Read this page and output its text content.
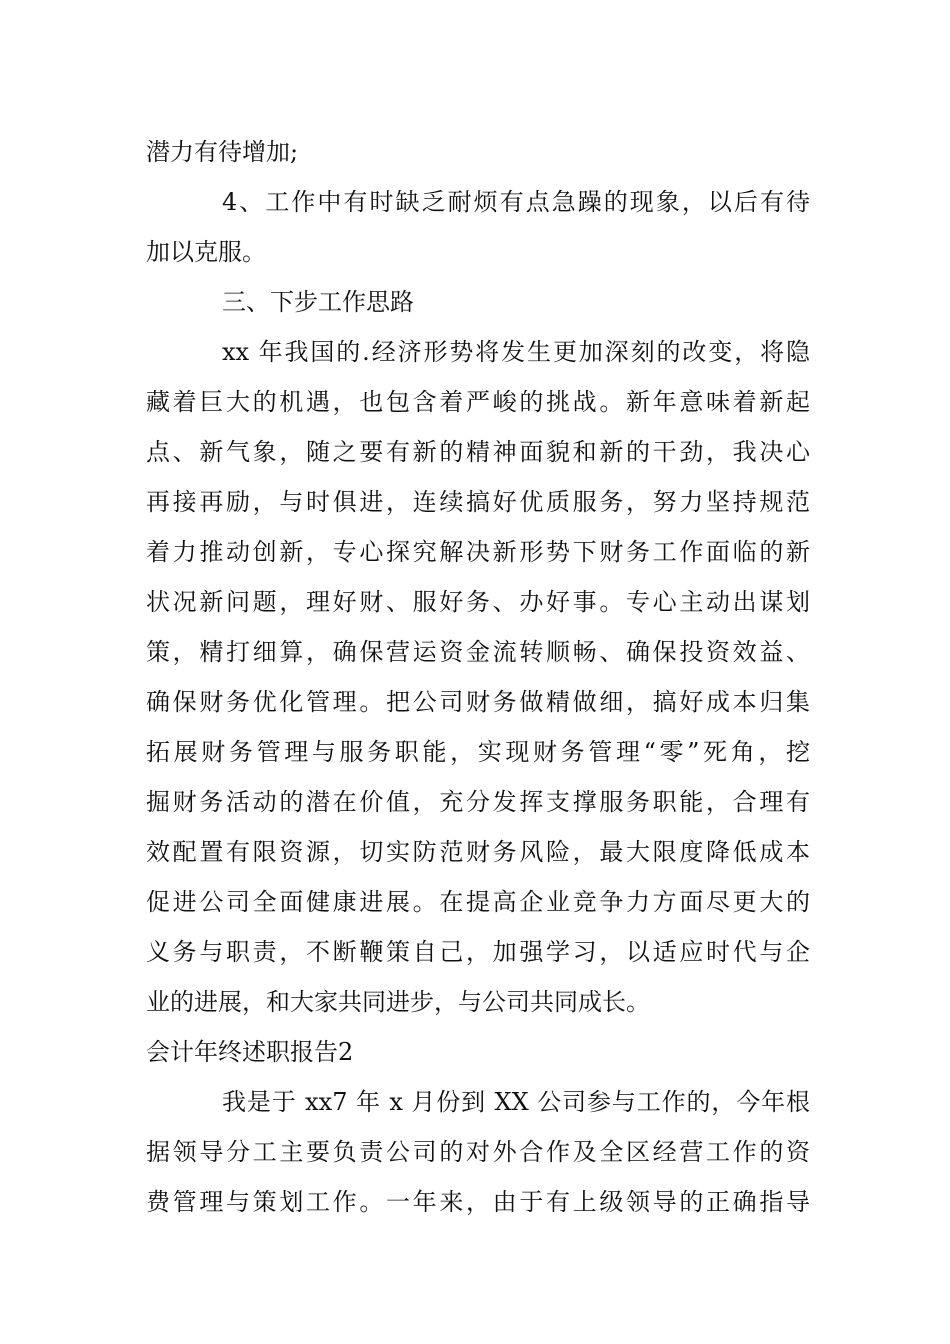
潜力有待增加;
4、工作中有时缺乏耐烦有点急躁的现象，以后有待
加以克服。
三、下步工作思路
xx 年我国的.经济形势将发生更加深刻的改变，将隐
藏着巨大的机遇，也包含着严峻的挑战。新年意味着新起
点、新气象，随之要有新的精神面貌和新的干劲，我决心
再接再励，与时俱进，连续搞好优质服务，努力坚持规范
着力推动创新，专心探究解决新形势下财务工作面临的新
状况新问题，理好财、服好务、办好事。专心主动出谋划
策，精打细算，确保营运资金流转顺畅、确保投资效益、
确保财务优化管理。把公司财务做精做细，搞好成本归集
拓展财务管理与服务职能，实现财务管理“零”死角，挖
掘财务活动的潜在价值，充分发挥支撑服务职能，合理有
效配置有限资源，切实防范财务风险，最大限度降低成本
促进公司全面健康进展。在提高企业竞争力方面尽更大的
义务与职责，不断鞭策自己，加强学习，以适应时代与企
业的进展，和大家共同进步，与公司共同成长。
会计年终述职报告2
我是于 xx7 年 x 月份到 XX 公司参与工作的，今年根
据领导分工主要负责公司的对外合作及全区经营工作的资
费管理与策划工作。一年来，由于有上级领导的正确指导
